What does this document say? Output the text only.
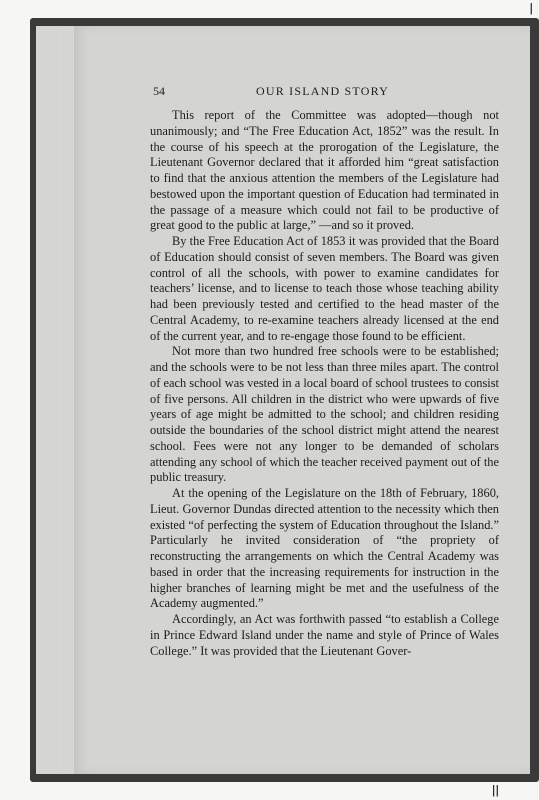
ǀ
54	OUR ISLAND STORY

This report of the Committee was adopted—though not unanimously; and “The Free Education Act, 1852” was the result. In the course of his speech at the prorogation of the Legislature, the Lieutenant Governor declared that it afforded him “great satisfaction to find that the anxious attention the members of the Legislature had bestowed upon the important question of Education had terminated in the passage of a measure which could not fail to be productive of great good to the public at large,” —and so it proved.

By the Free Education Act of 1853 it was provided that the Board of Education should consist of seven members. The Board was given control of all the schools, with power to examine candidates for teachers’ license, and to license to teach those whose teaching ability had been previously tested and certified to the head master of the Central Academy, to re-examine teachers already licensed at the end of the current year, and to re-engage those found to be efficient.

Not more than two hundred free schools were to be established; and the schools were to be not less than three miles apart. The control of each school was vested in a local board of school trustees to consist of five persons. All children in the district who were upwards of five years of age might be admitted to the school; and children residing outside the boundaries of the school district might attend the nearest school. Fees were not any longer to be demanded of scholars attending any school of which the teacher received payment out of the public treasury.

At the opening of the Legislature on the 18th of February, 1860, Lieut. Governor Dundas directed attention to the necessity which then existed “of perfecting the system of Education throughout the Island.” Particularly he invited consideration of “the propriety of reconstructing the arrangements on which the Central Academy was based in order that the increasing requirements for instruction in the higher branches of learning might be met and the usefulness of the Academy augmented.”

Accordingly, an Act was forthwith passed “to establish a College in Prince Edward Island under the name and style of Prince of Wales College.” It was provided that the Lieutenant Gover-

ǀǀ
